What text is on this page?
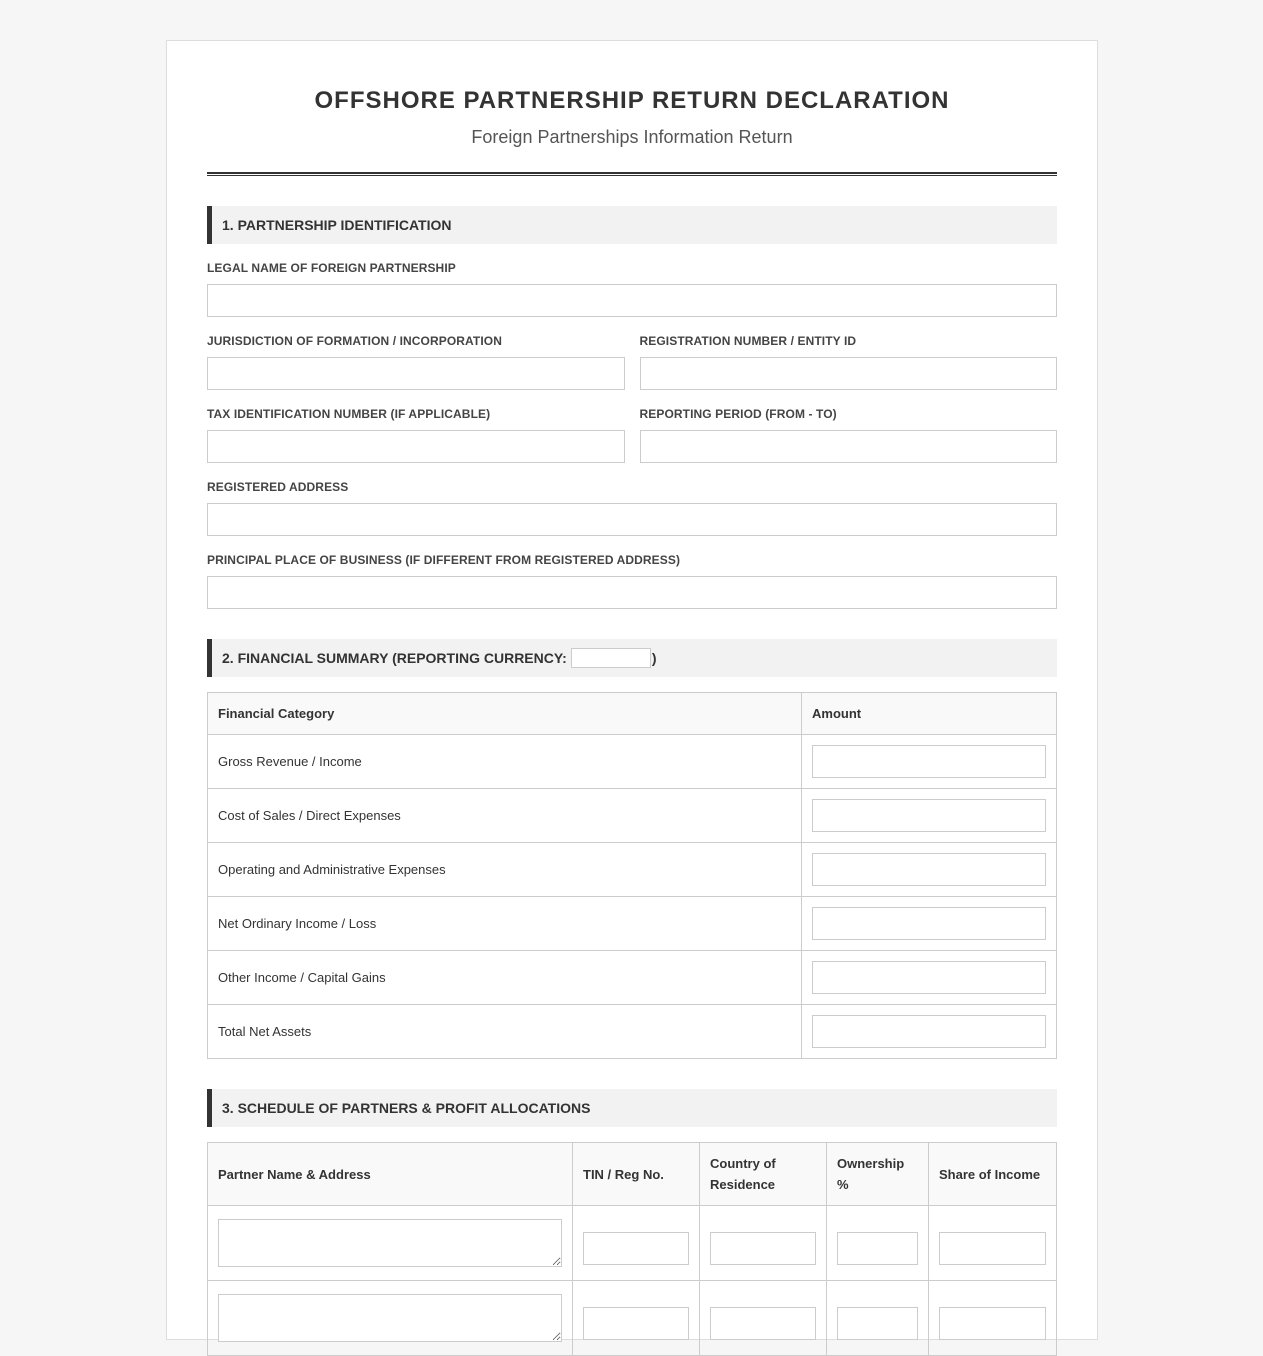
OFFSHORE PARTNERSHIP RETURN DECLARATION
Foreign Partnerships Information Return
1. PARTNERSHIP IDENTIFICATION
LEGAL NAME OF FOREIGN PARTNERSHIP
JURISDICTION OF FORMATION / INCORPORATION	REGISTRATION NUMBER / ENTITY ID
TAX IDENTIFICATION NUMBER (IF APPLICABLE)	REPORTING PERIOD (FROM - TO)
REGISTERED ADDRESS
PRINCIPAL PLACE OF BUSINESS (IF DIFFERENT FROM REGISTERED ADDRESS)
2. FINANCIAL SUMMARY (REPORTING CURRENCY:	)
Financial Category	Amount
Gross Revenue / Income	

Cost of Sales / Direct Expenses	

Operating and Administrative Expenses	

Net Ordinary Income / Loss	

Other Income / Capital Gains	

Total Net Assets	
3. SCHEDULE OF PARTNERS & PROFIT ALLOCATIONS
Partner Name & Address	TIN / Reg No.	Country of Residence	Ownership %	Share of Income
